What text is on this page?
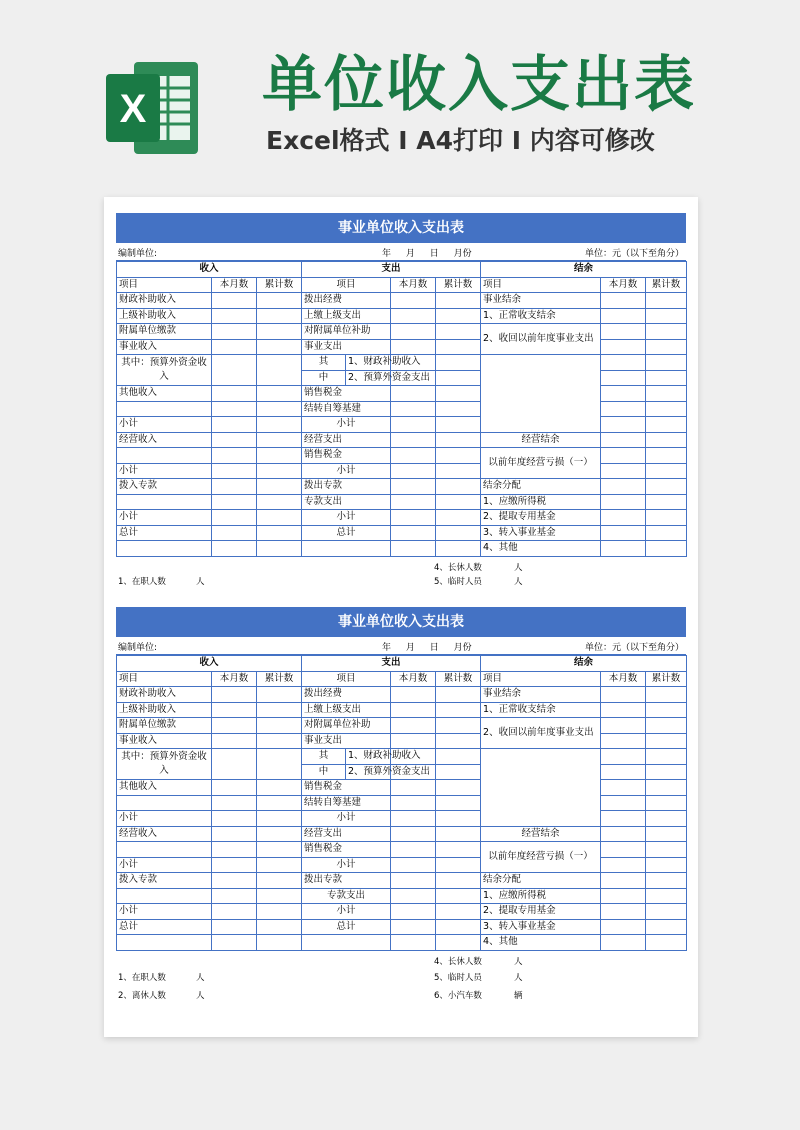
X 单位收入支出表
Excel格式 I A4打印 I 内容可修改
事业单位收入支出表
编制单位:	年 月 日 月份	单位：元（以下至角分）
收入			支出				结余		
项目	本月数	累计数	项目		本月数	累计数	项目	本月数	累计数
财政补助收入			拨出经费				事业结余		
上级补助收入			上缴上级支出				1、正常收支结余		
附属单位缴款			对附属单位补助				2、收回以前年度事业支出		
事业收入			事业支出						
其中：预算外资金收入			其	1、财政补助收入					
			中	2、预算外资金支出					
其他收入			销售税金						
			结转自筹基建						
小计			小计						
经营收入			经营支出				经营结余		
			销售税金				以前年度经营亏损（一）		
小计			小计						
拨入专款			拨出专款				结余分配		
			专款支出				1、应缴所得税		
小计			小计				2、提取专用基金		
总计			总计				3、转入事业基金		
							4、其他		
4、长休人数	人
1、在职人数	人	5、临时人员	人
事业单位收入支出表
编制单位:	年 月 日 月份	单位：元（以下至角分）
收入			支出				结余		
项目	本月数	累计数	项目		本月数	累计数	项目	本月数	累计数
财政补助收入			拨出经费				事业结余		
上级补助收入			上缴上级支出				1、正常收支结余		
附属单位缴款			对附属单位补助				2、收回以前年度事业支出		
事业收入			事业支出						
其中：预算外资金收入			其	1、财政补助收入					
			中	2、预算外资金支出					
其他收入			销售税金						
			结转自筹基建						
小计			小计						
经营收入			经营支出				经营结余		
			销售税金				以前年度经营亏损（一）		
小计			小计						
拨入专款			拨出专款				结余分配		
			专款支出				1、应缴所得税		
小计			小计				2、提取专用基金		
总计			总计				3、转入事业基金		
							4、其他		
4、长休人数	人
1、在职人数	人	5、临时人员	人
2、离休人数	人	6、小汽车数	辆
